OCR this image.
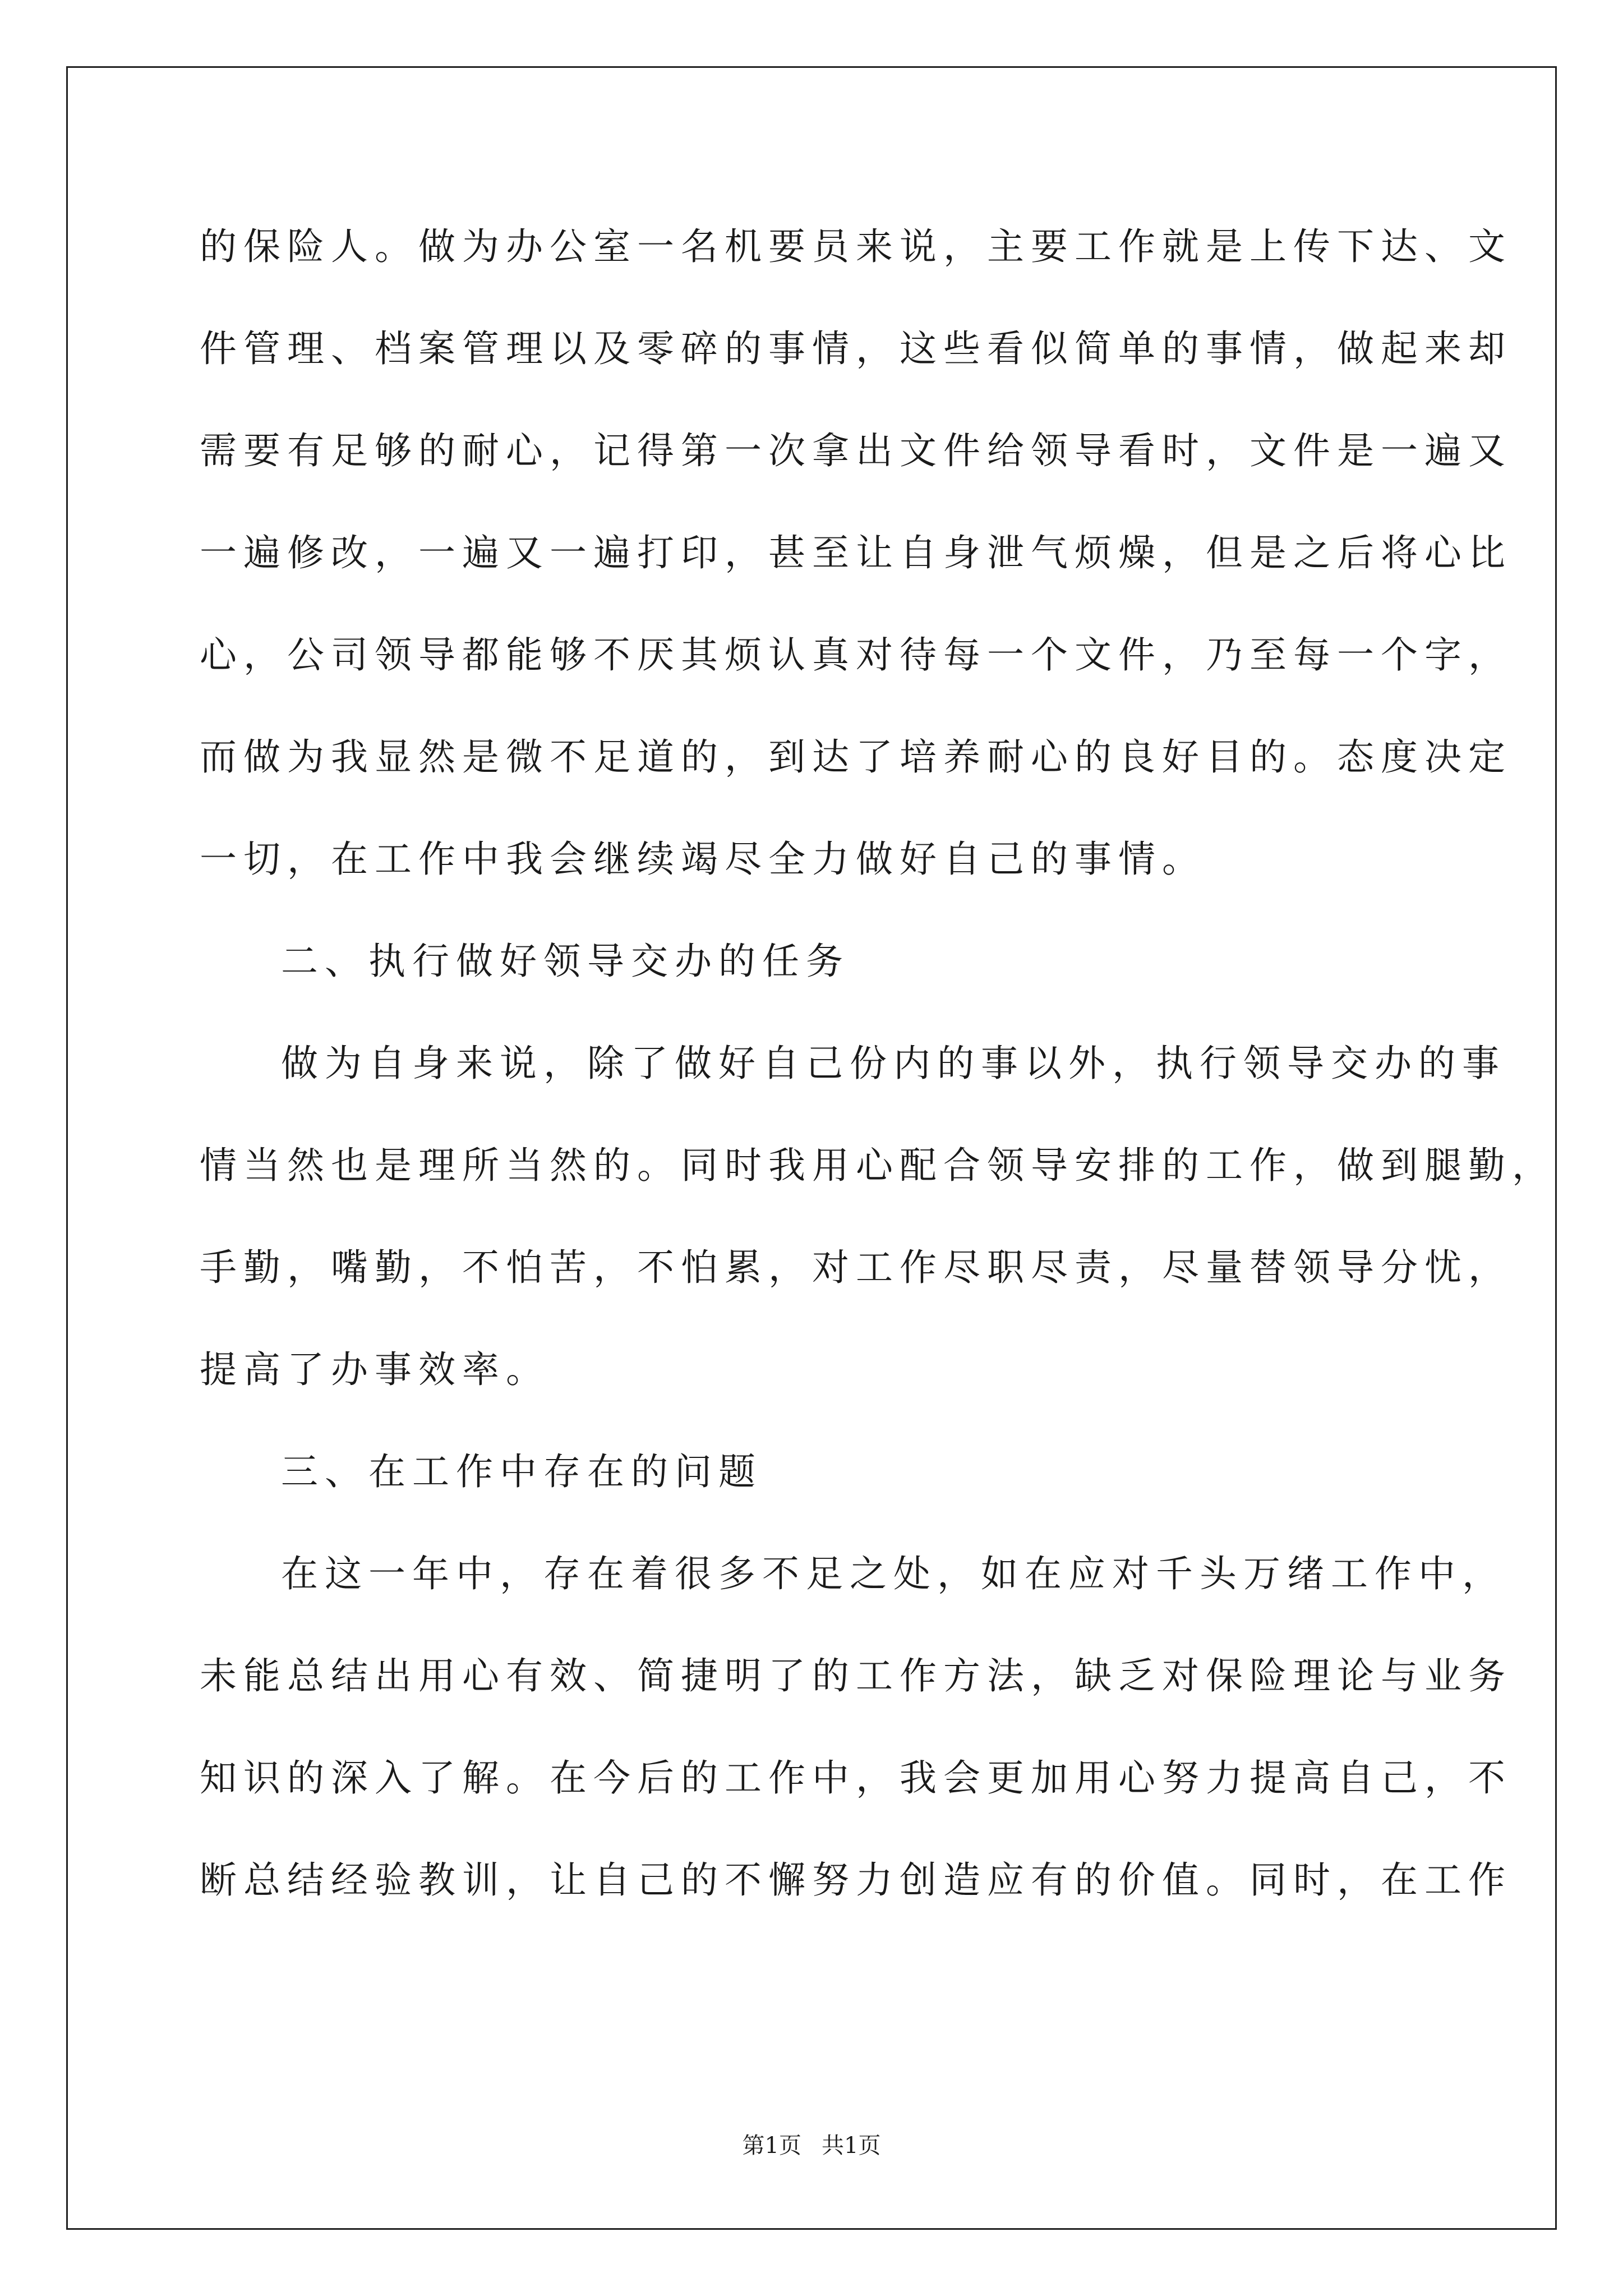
的保险人。做为办公室一名机要员来说，主要工作就是上传下达、文
件管理、档案管理以及零碎的事情，这些看似简单的事情，做起来却
需要有足够的耐心，记得第一次拿出文件给领导看时，文件是一遍又
一遍修改，一遍又一遍打印，甚至让自身泄气烦燥，但是之后将心比
心，公司领导都能够不厌其烦认真对待每一个文件，乃至每一个字，
而做为我显然是微不足道的，到达了培养耐心的良好目的。态度决定
一切，在工作中我会继续竭尽全力做好自己的事情。
二、执行做好领导交办的任务
做为自身来说，除了做好自己份内的事以外，执行领导交办的事
情当然也是理所当然的。同时我用心配合领导安排的工作，做到腿勤，
手勤，嘴勤，不怕苦，不怕累，对工作尽职尽责，尽量替领导分忧，
提高了办事效率。
三、在工作中存在的问题
在这一年中，存在着很多不足之处，如在应对千头万绪工作中，
未能总结出用心有效、简捷明了的工作方法，缺乏对保险理论与业务
知识的深入了解。在今后的工作中，我会更加用心努力提高自己，不
断总结经验教训，让自己的不懈努力创造应有的价值。同时，在工作
第1页 共1页
